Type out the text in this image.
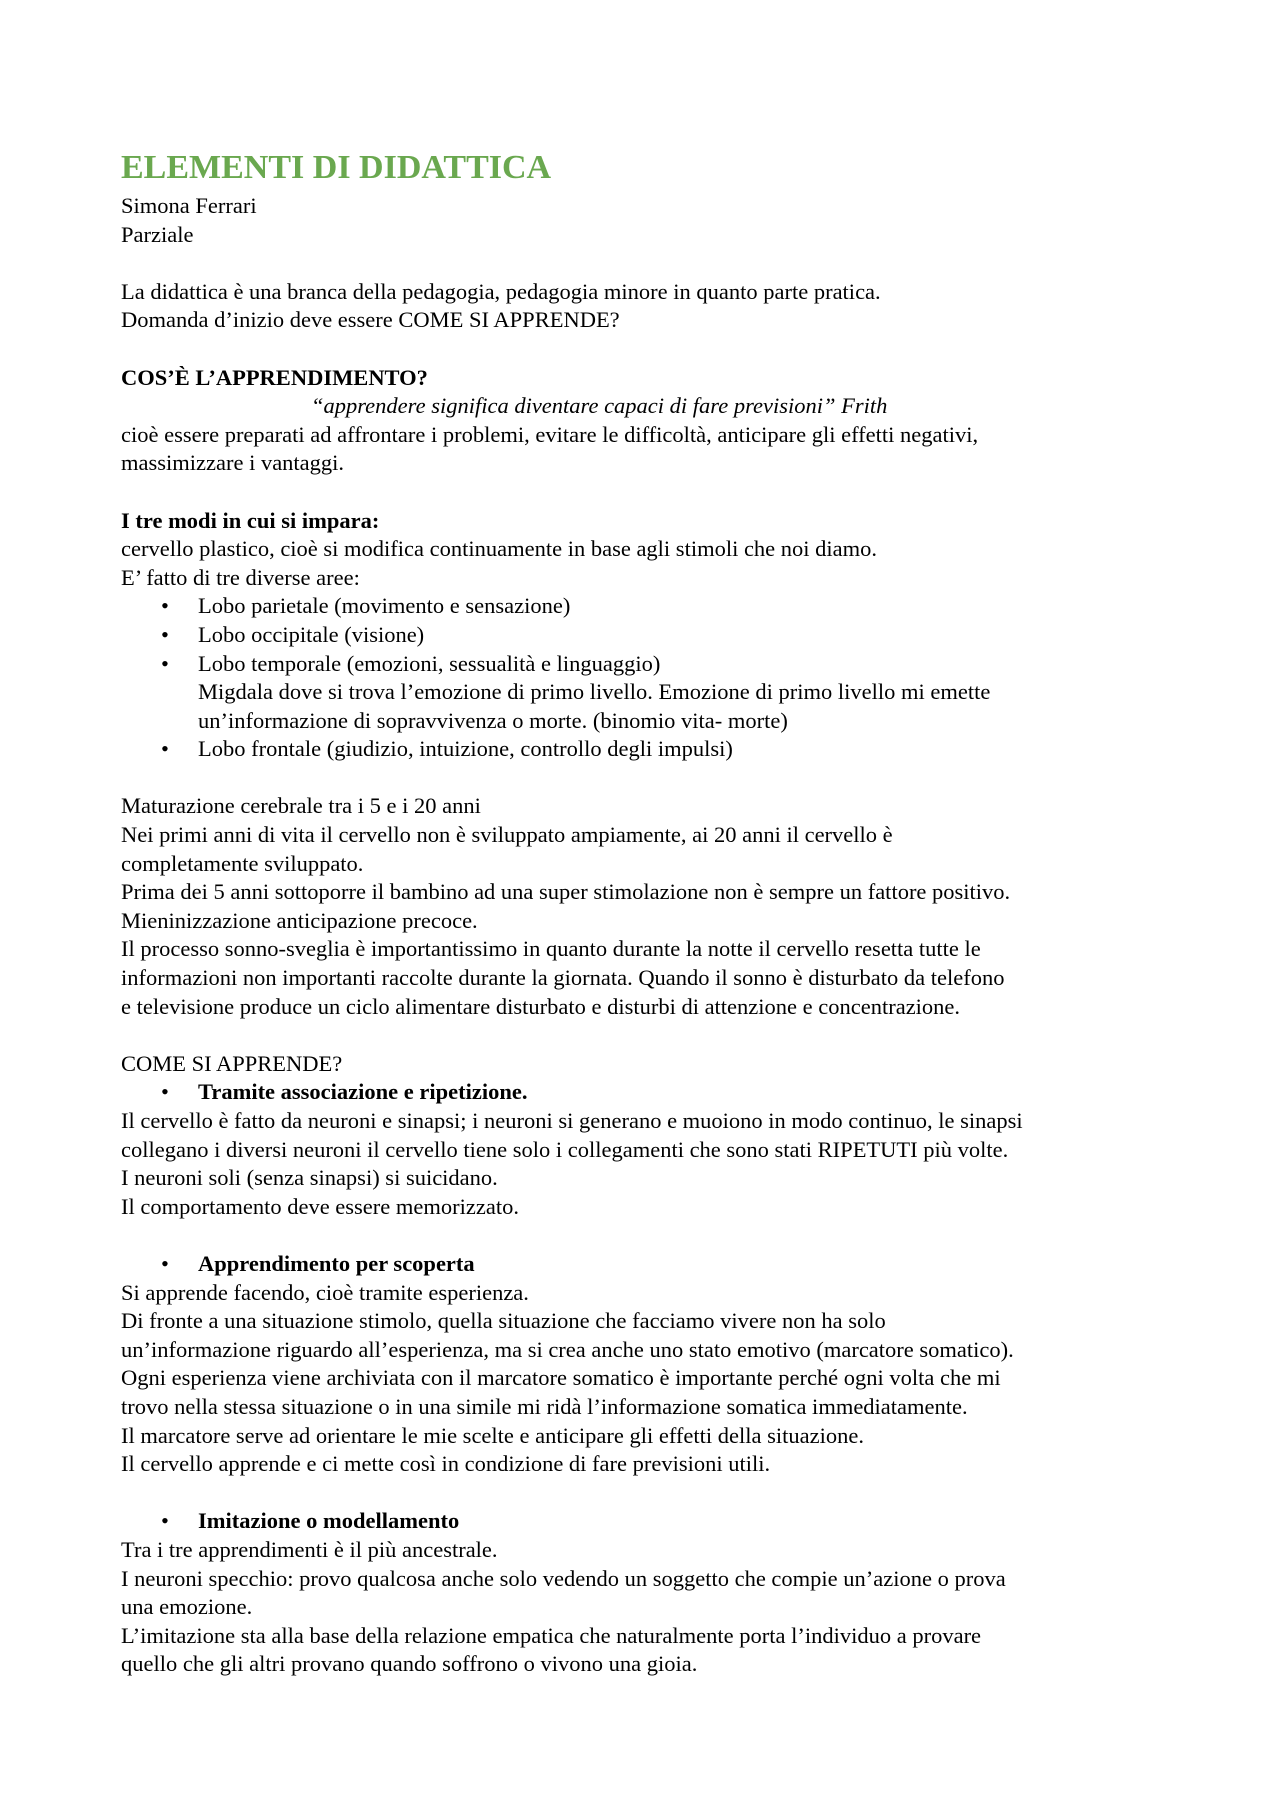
ELEMENTI DI DIDATTICA
Simona Ferrari
Parziale
La didattica è una branca della pedagogia, pedagogia minore in quanto parte pratica.
Domanda d’inizio deve essere COME SI APPRENDE?
COS’È L’APPRENDIMENTO?
“apprendere significa diventare capaci di fare previsioni” Frith
cioè essere preparati ad affrontare i problemi, evitare le difficoltà, anticipare gli effetti negativi,
massimizzare i vantaggi.
I tre modi in cui si impara:
cervello plastico, cioè si modifica continuamente in base agli stimoli che noi diamo.
E’ fatto di tre diverse aree:
• Lobo parietale (movimento e sensazione)
• Lobo occipitale (visione)
• Lobo temporale (emozioni, sessualità e linguaggio)
Migdala dove si trova l’emozione di primo livello. Emozione di primo livello mi emette
un’informazione di sopravvivenza o morte. (binomio vita- morte)
• Lobo frontale (giudizio, intuizione, controllo degli impulsi)
Maturazione cerebrale tra i 5 e i 20 anni
Nei primi anni di vita il cervello non è sviluppato ampiamente, ai 20 anni il cervello è
completamente sviluppato.
Prima dei 5 anni sottoporre il bambino ad una super stimolazione non è sempre un fattore positivo.
Mieninizzazione anticipazione precoce.
Il processo sonno-sveglia è importantissimo in quanto durante la notte il cervello resetta tutte le
informazioni non importanti raccolte durante la giornata. Quando il sonno è disturbato da telefono
e televisione produce un ciclo alimentare disturbato e disturbi di attenzione e concentrazione.
COME SI APPRENDE?
• Tramite associazione e ripetizione.
Il cervello è fatto da neuroni e sinapsi; i neuroni si generano e muoiono in modo continuo, le sinapsi
collegano i diversi neuroni il cervello tiene solo i collegamenti che sono stati RIPETUTI più volte.
I neuroni soli (senza sinapsi) si suicidano.
Il comportamento deve essere memorizzato.
• Apprendimento per scoperta
Si apprende facendo, cioè tramite esperienza.
Di fronte a una situazione stimolo, quella situazione che facciamo vivere non ha solo
un’informazione riguardo all’esperienza, ma si crea anche uno stato emotivo (marcatore somatico).
Ogni esperienza viene archiviata con il marcatore somatico è importante perché ogni volta che mi
trovo nella stessa situazione o in una simile mi ridà l’informazione somatica immediatamente.
Il marcatore serve ad orientare le mie scelte e anticipare gli effetti della situazione.
Il cervello apprende e ci mette così in condizione di fare previsioni utili.
• Imitazione o modellamento
Tra i tre apprendimenti è il più ancestrale.
I neuroni specchio: provo qualcosa anche solo vedendo un soggetto che compie un’azione o prova
una emozione.
L’imitazione sta alla base della relazione empatica che naturalmente porta l’individuo a provare
quello che gli altri provano quando soffrono o vivono una gioia.
